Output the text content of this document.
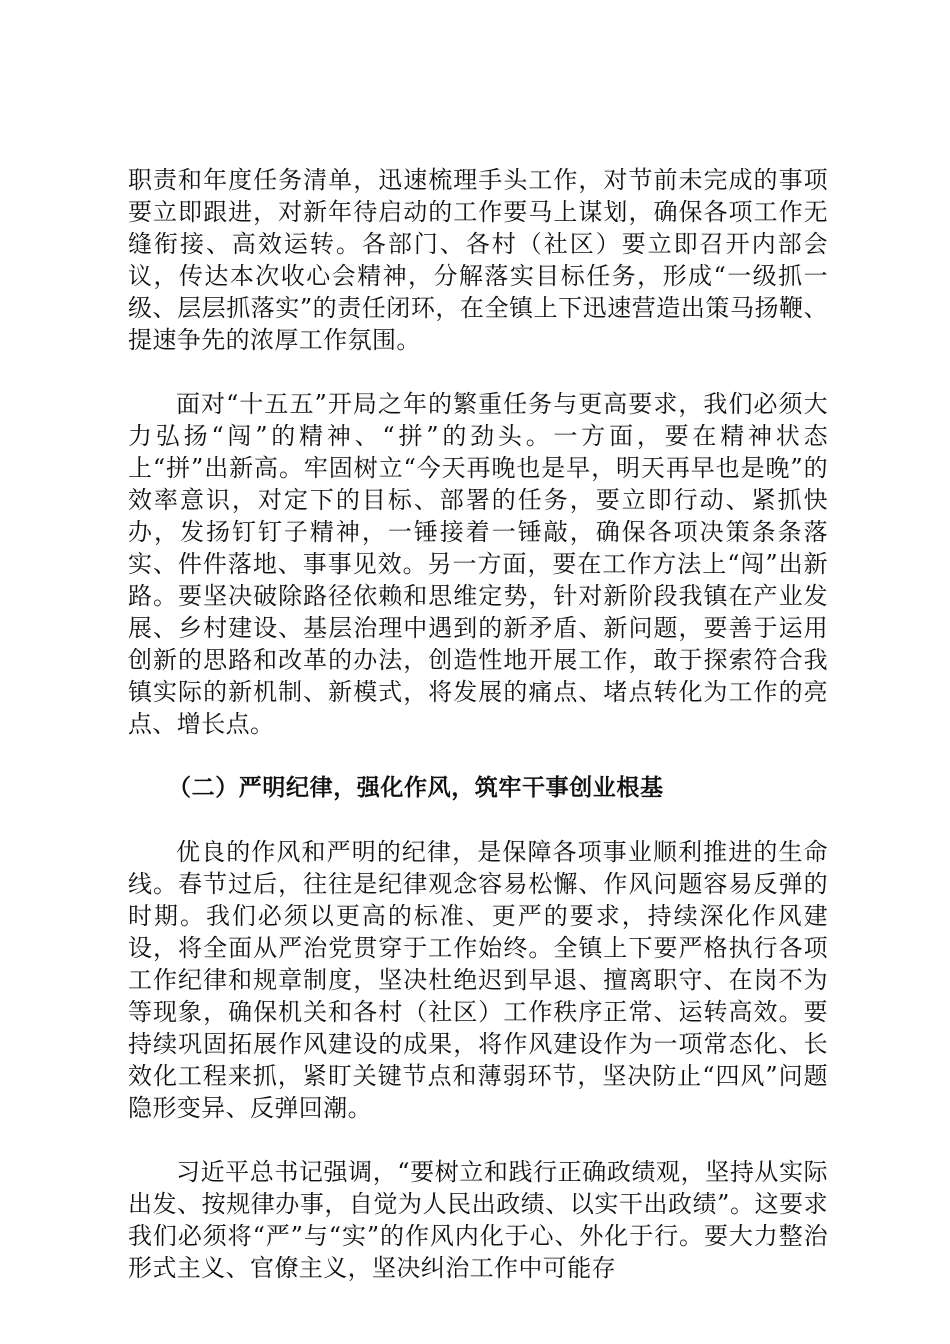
职责和年度任务清单，迅速梳理手头工作，对节前未完成的事项要立即跟进，对新年待启动的工作要马上谋划，确保各项工作无缝衔接、高效运转。各部门、各村（社区）要立即召开内部会议，传达本次收心会精神，分解落实目标任务，形成“一级抓一级、层层抓落实”的责任闭环，在全镇上下迅速营造出策马扬鞭、提速争先的浓厚工作氛围。

面对“十五五”开局之年的繁重任务与更高要求，我们必须大力弘扬“闯”的精神、“拼”的劲头。一方面，要在精神状态上“拼”出新高。牢固树立“今天再晚也是早，明天再早也是晚”的效率意识，对定下的目标、部署的任务，要立即行动、紧抓快办，发扬钉钉子精神，一锤接着一锤敲，确保各项决策条条落实、件件落地、事事见效。另一方面，要在工作方法上“闯”出新路。要坚决破除路径依赖和思维定势，针对新阶段我镇在产业发展、乡村建设、基层治理中遇到的新矛盾、新问题，要善于运用创新的思路和改革的办法，创造性地开展工作，敢于探索符合我镇实际的新机制、新模式，将发展的痛点、堵点转化为工作的亮点、增长点。

（二）严明纪律，强化作风，筑牢干事创业根基

优良的作风和严明的纪律，是保障各项事业顺利推进的生命线。春节过后，往往是纪律观念容易松懈、作风问题容易反弹的时期。我们必须以更高的标准、更严的要求，持续深化作风建设，将全面从严治党贯穿于工作始终。全镇上下要严格执行各项工作纪律和规章制度，坚决杜绝迟到早退、擅离职守、在岗不为等现象，确保机关和各村（社区）工作秩序正常、运转高效。要持续巩固拓展作风建设的成果，将作风建设作为一项常态化、长效化工程来抓，紧盯关键节点和薄弱环节，坚决防止“四风”问题隐形变异、反弹回潮。

习近平总书记强调，“要树立和践行正确政绩观，坚持从实际出发、按规律办事，自觉为人民出政绩、以实干出政绩”。这要求我们必须将“严”与“实”的作风内化于心、外化于行。要大力整治形式主义、官僚主义，坚决纠治工作中可能存
